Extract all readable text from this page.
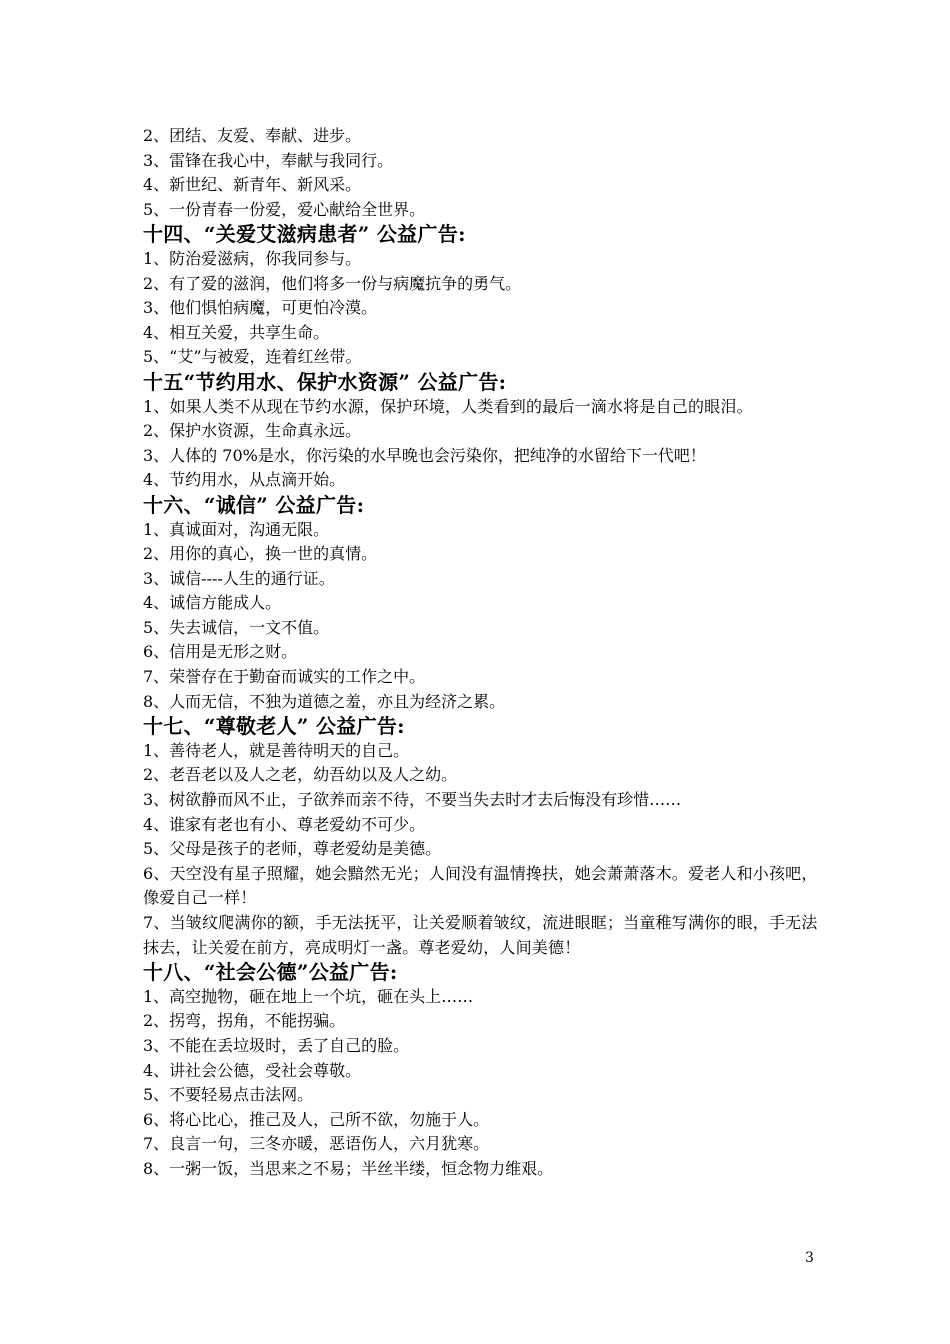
2、团结、友爱、奉献、进步。

3、雷锋在我心中，奉献与我同行。

4、新世纪、新青年、新风采。

5、一份青春一份爱，爱心献给全世界。

十四、“关爱艾滋病患者” 公益广告:

1、防治爱滋病，你我同参与。

2、有了爱的滋润，他们将多一份与病魔抗争的勇气。

3、他们惧怕病魔，可更怕冷漠。

4、相互关爱，共享生命。

5、“艾”与被爱，连着红丝带。

十五“节约用水、保护水资源” 公益广告:

1、如果人类不从现在节约水源，保护环境，人类看到的最后一滴水将是自己的眼泪。

2、保护水资源，生命真永远。

3、人体的 70%是水，你污染的水早晚也会污染你，把纯净的水留给下一代吧！

4、节约用水，从点滴开始。

十六、“诚信” 公益广告:

1、真诚面对，沟通无限。

2、用你的真心，换一世的真情。

3、诚信----人生的通行证。

4、诚信方能成人。

5、失去诚信，一文不值。

6、信用是无形之财。

7、荣誉存在于勤奋而诚实的工作之中。

8、人而无信，不独为道德之羞，亦且为经济之累。

十七、“尊敬老人” 公益广告:

1、善待老人，就是善待明天的自己。

2、老吾老以及人之老，幼吾幼以及人之幼。

3、树欲静而风不止，子欲养而亲不待，不要当失去时才去后悔没有珍惜……

4、谁家有老也有小、尊老爱幼不可少。

5、父母是孩子的老师，尊老爱幼是美德。

6、天空没有星子照耀，她会黯然无光；人间没有温情搀扶，她会萧萧落木。爱老人和小孩吧，像爱自己一样！

7、当皱纹爬满你的额，手无法抚平，让关爱顺着皱纹，流进眼眶；当童稚写满你的眼，手无法抹去，让关爱在前方，亮成明灯一盏。尊老爱幼，人间美德！

十八、“社会公德”公益广告:

1、高空抛物，砸在地上一个坑，砸在头上……

2、拐弯，拐角，不能拐骗。

3、不能在丢垃圾时，丢了自己的脸。

4、讲社会公德，受社会尊敬。

5、不要轻易点击法网。

6、将心比心，推己及人，己所不欲，勿施于人。

7、良言一句，三冬亦暖，恶语伤人，六月犹寒。

8、一粥一饭，当思来之不易；半丝半缕，恒念物力维艰。

3
